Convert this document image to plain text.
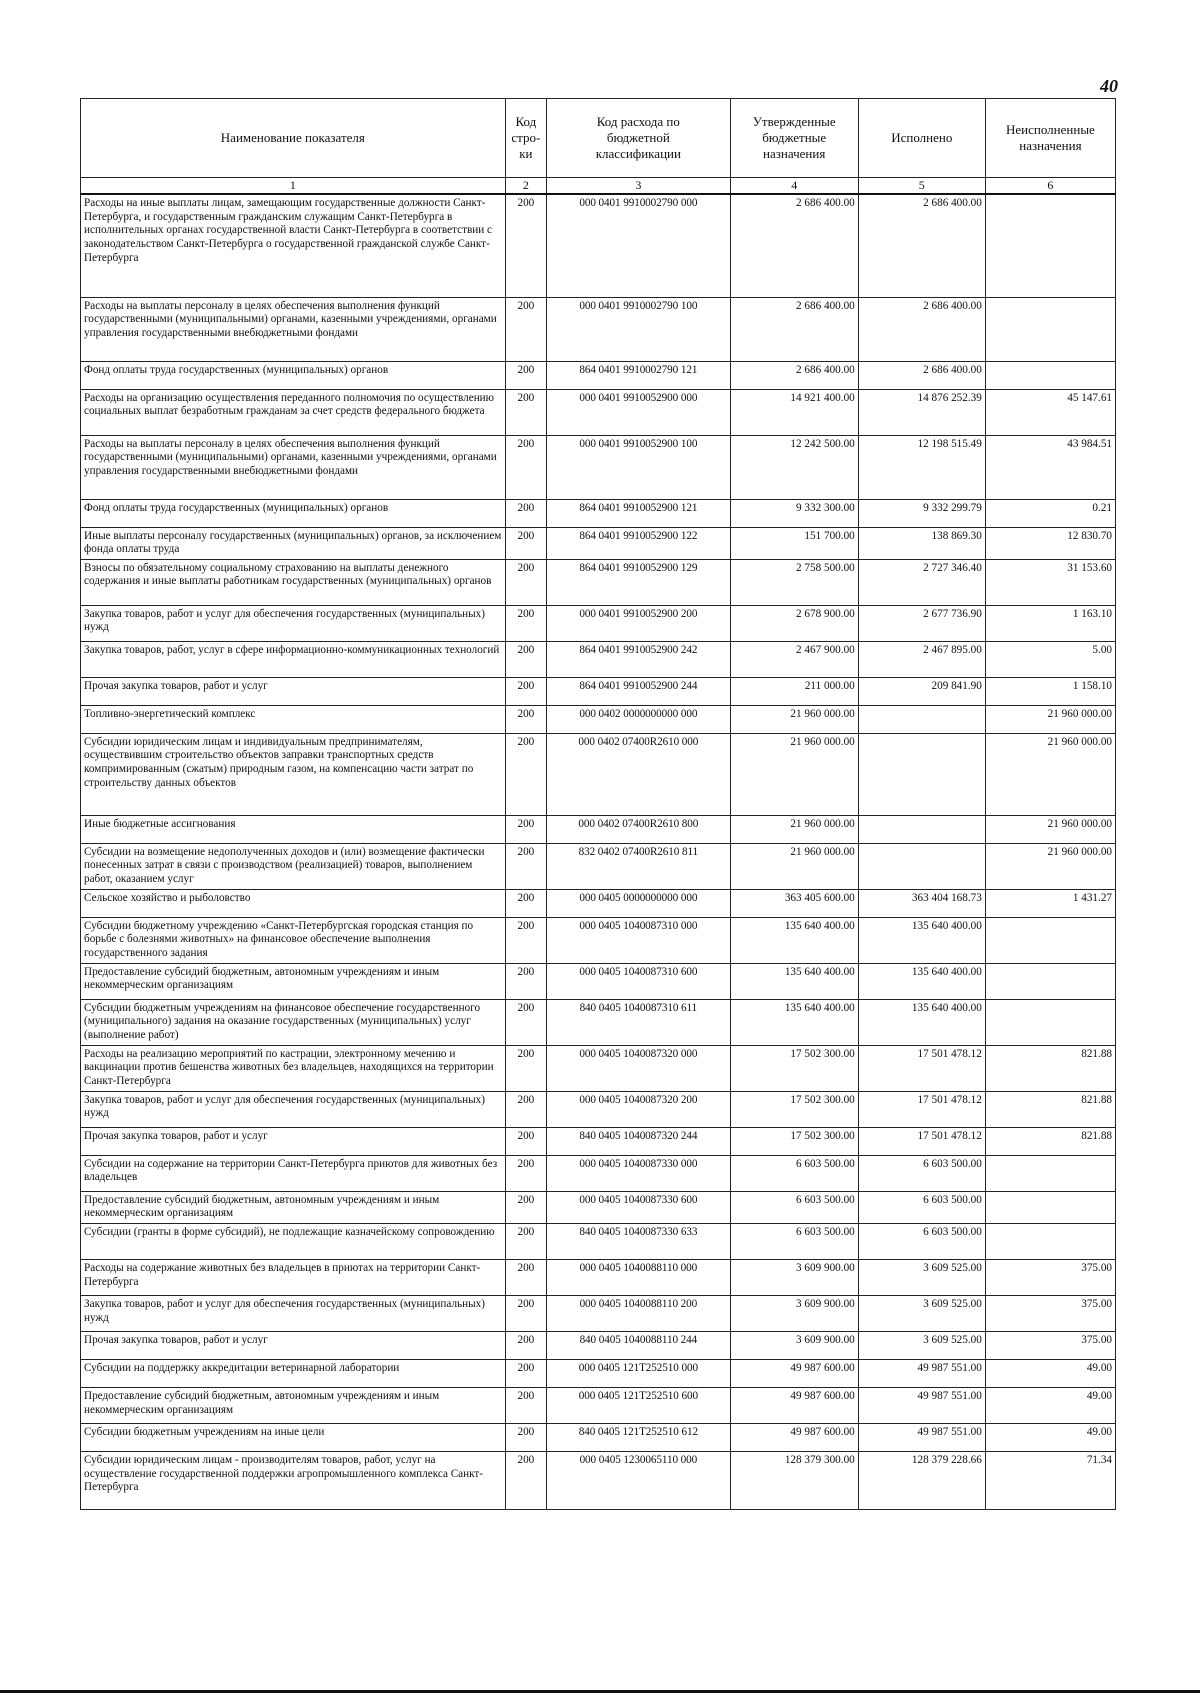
40
Наименование показателя	Код стро-ки	Код расхода по бюджетной классификации	Утвержденные бюджетные назначения	Исполнено	Неисполненные назначения
1	2	3	4	5	6
Расходы на иные выплаты лицам, замещающим государственные должности Санкт-Петербурга, и государственным гражданским служащим Санкт-Петербурга в исполнительных органах государственной власти Санкт-Петербурга в соответствии с законодательством Санкт-Петербурга о государственной гражданской службе Санкт-Петербурга	200	000 0401 9910002790 000	2 686 400.00	2 686 400.00	
Расходы на выплаты персоналу в целях обеспечения выполнения функций государственными (муниципальными) органами, казенными учреждениями, органами управления государственными внебюджетными фондами	200	000 0401 9910002790 100	2 686 400.00	2 686 400.00	
Фонд оплаты труда государственных (муниципальных) органов	200	864 0401 9910002790 121	2 686 400.00	2 686 400.00	
Расходы на организацию осуществления переданного полномочия по осуществлению социальных выплат безработным гражданам за счет средств федерального бюджета	200	000 0401 9910052900 000	14 921 400.00	14 876 252.39	45 147.61
Расходы на выплаты персоналу в целях обеспечения выполнения функций государственными (муниципальными) органами, казенными учреждениями, органами управления государственными внебюджетными фондами	200	000 0401 9910052900 100	12 242 500.00	12 198 515.49	43 984.51
Фонд оплаты труда государственных (муниципальных) органов	200	864 0401 9910052900 121	9 332 300.00	9 332 299.79	0.21
Иные выплаты персоналу государственных (муниципальных) органов, за исключением фонда оплаты труда	200	864 0401 9910052900 122	151 700.00	138 869.30	12 830.70
Взносы по обязательному социальному страхованию на выплаты денежного содержания и иные выплаты работникам государственных (муниципальных) органов	200	864 0401 9910052900 129	2 758 500.00	2 727 346.40	31 153.60
Закупка товаров, работ и услуг для обеспечения государственных (муниципальных) нужд	200	000 0401 9910052900 200	2 678 900.00	2 677 736.90	1 163.10
Закупка товаров, работ, услуг в сфере информационно-коммуникационных технологий	200	864 0401 9910052900 242	2 467 900.00	2 467 895.00	5.00
Прочая закупка товаров, работ и услуг	200	864 0401 9910052900 244	211 000.00	209 841.90	1 158.10
Топливно-энергетический комплекс	200	000 0402 0000000000 000	21 960 000.00		21 960 000.00
Субсидии юридическим лицам и индивидуальным предпринимателям, осуществившим строительство объектов заправки транспортных средств компримированным (сжатым) природным газом, на компенсацию части затрат по строительству данных объектов	200	000 0402 07400R2610 000	21 960 000.00		21 960 000.00
Иные бюджетные ассигнования	200	000 0402 07400R2610 800	21 960 000.00		21 960 000.00
Субсидии на возмещение недополученных доходов и (или) возмещение фактически понесенных затрат в связи с производством (реализацией) товаров, выполнением работ, оказанием услуг	200	832 0402 07400R2610 811	21 960 000.00		21 960 000.00
Сельское хозяйство и рыболовство	200	000 0405 0000000000 000	363 405 600.00	363 404 168.73	1 431.27
Субсидии бюджетному учреждению «Санкт-Петербургская городская станция по борьбе с болезнями животных» на финансовое обеспечение выполнения государственного задания	200	000 0405 1040087310 000	135 640 400.00	135 640 400.00	
Предоставление субсидий бюджетным, автономным учреждениям и иным некоммерческим организациям	200	000 0405 1040087310 600	135 640 400.00	135 640 400.00	
Субсидии бюджетным учреждениям на финансовое обеспечение государственного (муниципального) задания на оказание государственных (муниципальных) услуг (выполнение работ)	200	840 0405 1040087310 611	135 640 400.00	135 640 400.00	
Расходы на реализацию мероприятий по кастрации, электронному мечению и вакцинации против бешенства животных без владельцев, находящихся на территории Санкт-Петербурга	200	000 0405 1040087320 000	17 502 300.00	17 501 478.12	821.88
Закупка товаров, работ и услуг для обеспечения государственных (муниципальных) нужд	200	000 0405 1040087320 200	17 502 300.00	17 501 478.12	821.88
Прочая закупка товаров, работ и услуг	200	840 0405 1040087320 244	17 502 300.00	17 501 478.12	821.88
Субсидии на содержание на территории Санкт-Петербурга приютов для животных без владельцев	200	000 0405 1040087330 000	6 603 500.00	6 603 500.00	
Предоставление субсидий бюджетным, автономным учреждениям и иным некоммерческим организациям	200	000 0405 1040087330 600	6 603 500.00	6 603 500.00	
Субсидии (гранты в форме субсидий), не подлежащие казначейскому сопровождению	200	840 0405 1040087330 633	6 603 500.00	6 603 500.00	
Расходы на содержание животных без владельцев в приютах на территории Санкт-Петербурга	200	000 0405 1040088110 000	3 609 900.00	3 609 525.00	375.00
Закупка товаров, работ и услуг для обеспечения государственных (муниципальных) нужд	200	000 0405 1040088110 200	3 609 900.00	3 609 525.00	375.00
Прочая закупка товаров, работ и услуг	200	840 0405 1040088110 244	3 609 900.00	3 609 525.00	375.00
Субсидии на поддержку аккредитации ветеринарной лаборатории	200	000 0405 121T252510 000	49 987 600.00	49 987 551.00	49.00
Предоставление субсидий бюджетным, автономным учреждениям и иным некоммерческим организациям	200	000 0405 121T252510 600	49 987 600.00	49 987 551.00	49.00
Субсидии бюджетным учреждениям на иные цели	200	840 0405 121T252510 612	49 987 600.00	49 987 551.00	49.00
Субсидии юридическим лицам - производителям товаров, работ, услуг на осуществление государственной поддержки агропромышленного комплекса Санкт-Петербурга	200	000 0405 1230065110 000	128 379 300.00	128 379 228.66	71.34
